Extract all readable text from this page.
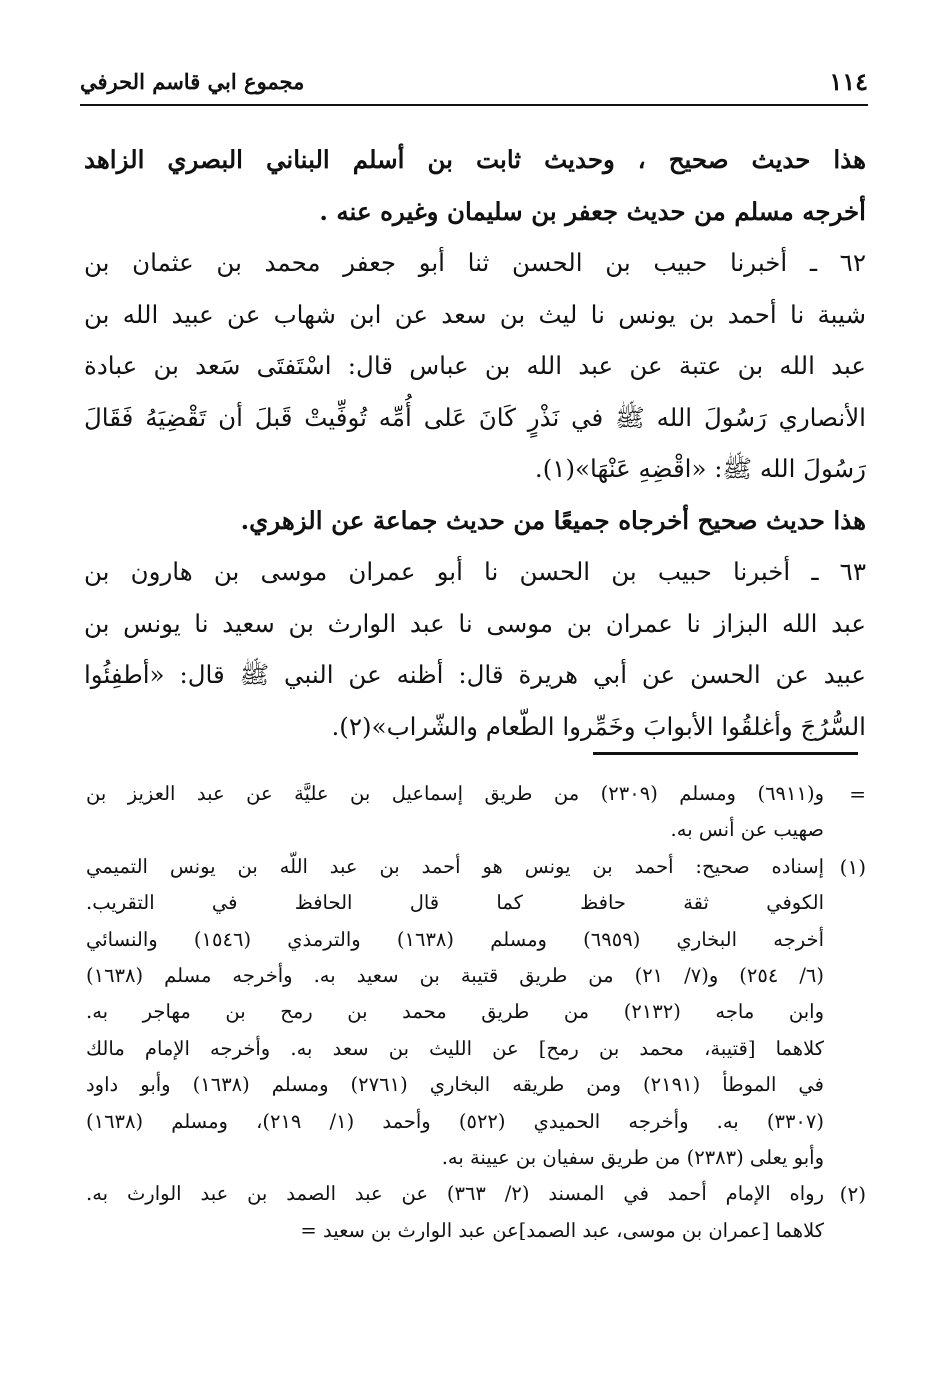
مجموع ابي قاسم الحرفي	١١٤
هذا حديث صحيح ، وحديث ثابت بن أسلم البناني البصري الزاهد
أخرجه مسلم من حديث جعفر بن سليمان وغيره عنه .
٦٢ ـ أخبرنا حبيب بن الحسن ثنا أبو جعفر محمد بن عثمان بن
شيبة نا أحمد بن يونس نا ليث بن سعد عن ابن شهاب عن عبيد الله بن
عبد الله بن عتبة عن عبد الله بن عباس قال: اسْتَفتَى سَعد بن عبادة
الأنصاري رَسُولَ الله ﷺ في نَذْرٍ كَانَ عَلى أُمِّه تُوفِّيتْ قَبلَ أن تَقْضِيَهُ فَقَالَ
رَسُولَ الله ﷺ: «اقْضِهِ عَنْهَا»(١).
هذا حديث صحيح أخرجاه جميعًا من حديث جماعة عن الزهري.
٦٣ ـ أخبرنا حبيب بن الحسن نا أبو عمران موسى بن هارون بن
عبد الله البزاز نا عمران بن موسى نا عبد الوارث بن سعيد نا يونس بن
عبيد عن الحسن عن أبي هريرة قال: أظنه عن النبي ﷺ قال: «أطفِئُوا
السُّرُجَ وأغلقُوا الأبوابَ وخَمِّروا الطّعام والشّراب»(٢).
=
و(٦٩١١) ومسلم (٢٣٠٩) من طريق إسماعيل بن عليَّة عن عبد العزيز بن
صهيب عن أنس به.
(١)
إسناده صحيح: أحمد بن يونس هو أحمد بن عبد اللّه بن يونس التميمي
الكوفي ثقة حافظ كما قال الحافظ في التقريب.
أخرجه البخاري (٦٩٥٩) ومسلم (١٦٣٨) والترمذي (١٥٤٦) والنسائي
(٦/ ٢٥٤) و(٧/ ٢١) من طريق قتيبة بن سعيد به. وأخرجه مسلم (١٦٣٨)
وابن ماجه (٢١٣٢) من طريق محمد بن رمح بن مهاجر به.
كلاهما [قتيبة، محمد بن رمح] عن الليث بن سعد به. وأخرجه الإمام مالك
في الموطأ (٢١٩١) ومن طريقه البخاري (٢٧٦١) ومسلم (١٦٣٨) وأبو داود
(٣٣٠٧) به. وأخرجه الحميدي (٥٢٢) وأحمد (١/ ٢١٩)، ومسلم (١٦٣٨)
وأبو يعلى (٢٣٨٣) من طريق سفيان بن عيينة به.
(٢)
رواه الإمام أحمد في المسند (٢/ ٣٦٣) عن عبد الصمد بن عبد الوارث به.
كلاهما [عمران بن موسى، عبد الصمد]عن عبد الوارث بن سعيد =
